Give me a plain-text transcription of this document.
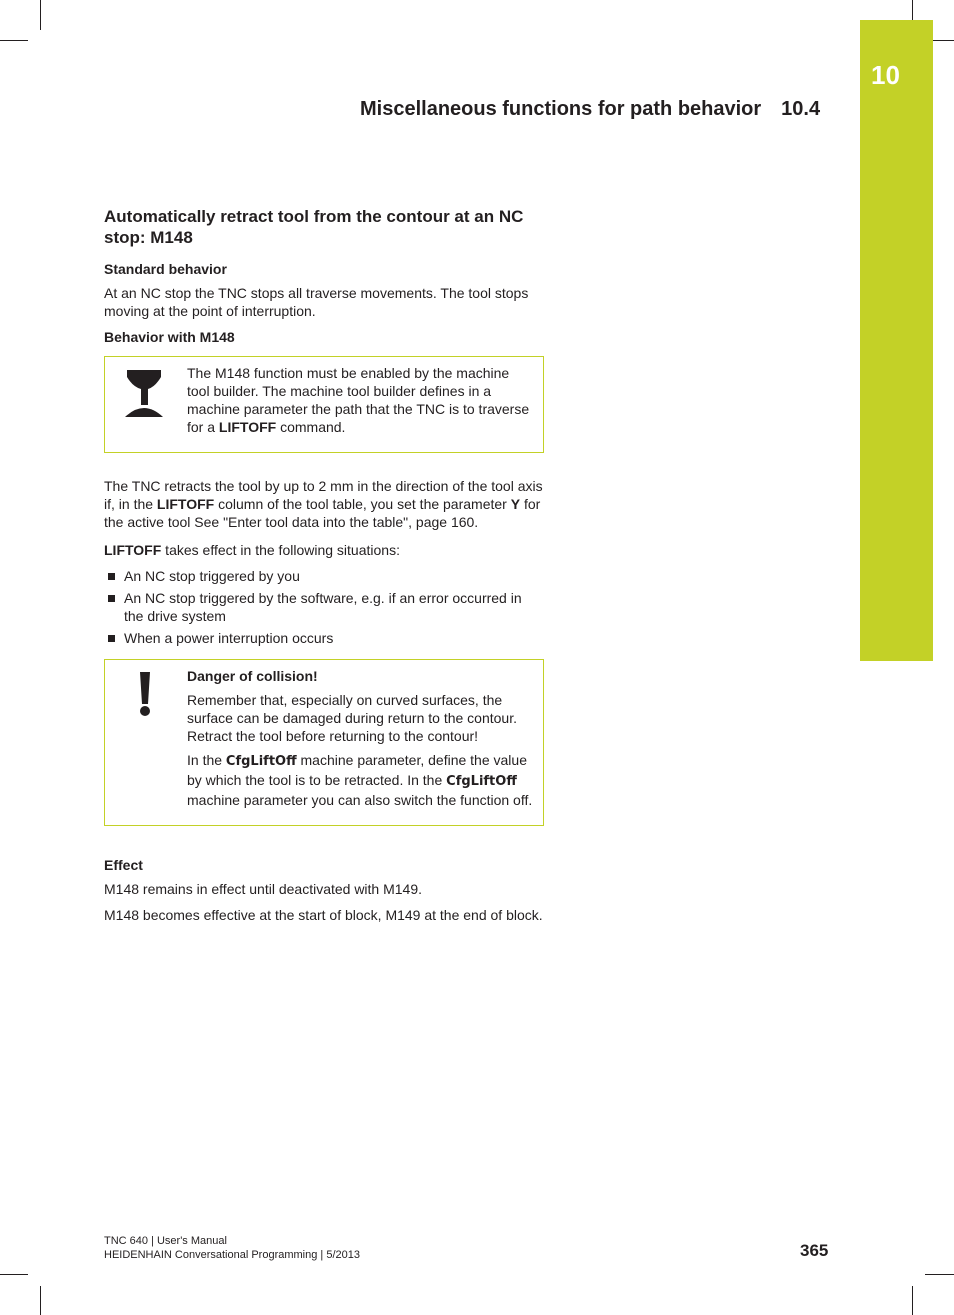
10
Miscellaneous functions for path behavior 10.4
Automatically retract tool from the contour at an NC stop: M148
Standard behavior

At an NC stop the TNC stops all traverse movements. The tool stops moving at the point of interruption.

Behavior with M148

The M148 function must be enabled by the machine tool builder. The machine tool builder defines in a machine parameter the path that the TNC is to traverse for a LIFTOFF command.

The TNC retracts the tool by up to 2 mm in the direction of the tool axis if, in the LIFTOFF column of the tool table, you set the parameter Y for the active tool See "Enter tool data into the table", page 160.

LIFTOFF takes effect in the following situations:

An NC stop triggered by you
An NC stop triggered by the software, e.g. if an error occurred in the drive system
When a power interruption occurs

Danger of collision!

Remember that, especially on curved surfaces, the surface can be damaged during return to the contour. Retract the tool before returning to the contour!

In the CfgLiftOff machine parameter, define the value by which the tool is to be retracted. In the CfgLiftOff machine parameter you can also switch the function off.

Effect

M148 remains in effect until deactivated with M149.

M148 becomes effective at the start of block, M149 at the end of block.

TNC 640 | User's Manual
HEIDENHAIN Conversational Programming | 5/2013	365
